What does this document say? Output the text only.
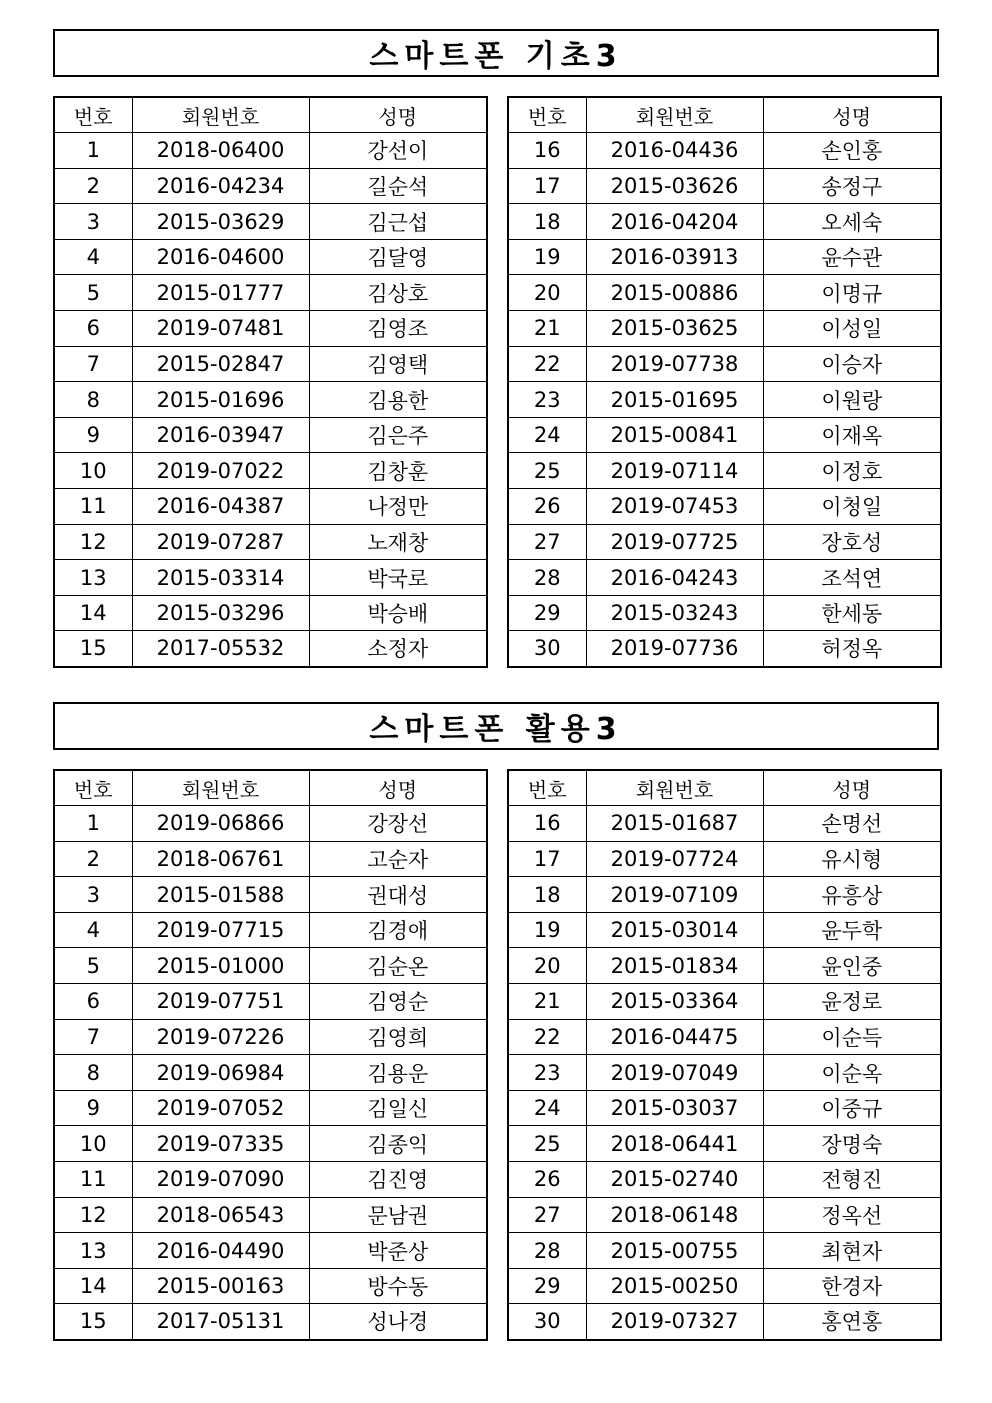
스마트폰 기초3
번호	회원번호	성명
1	2018-06400	강선이
2	2016-04234	길순석
3	2015-03629	김근섭
4	2016-04600	김달영
5	2015-01777	김상호
6	2019-07481	김영조
7	2015-02847	김영택
8	2015-01696	김용한
9	2016-03947	김은주
10	2019-07022	김창훈
11	2016-04387	나정만
12	2019-07287	노재창
13	2015-03314	박국로
14	2015-03296	박승배
15	2017-05532	소정자
번호	회원번호	성명
16	2016-04436	손인홍
17	2015-03626	송정구
18	2016-04204	오세숙
19	2016-03913	윤수관
20	2015-00886	이명규
21	2015-03625	이성일
22	2019-07738	이승자
23	2015-01695	이원랑
24	2015-00841	이재옥
25	2019-07114	이정호
26	2019-07453	이청일
27	2019-07725	장호성
28	2016-04243	조석연
29	2015-03243	한세동
30	2019-07736	허정옥
스마트폰 활용3
번호	회원번호	성명
1	2019-06866	강장선
2	2018-06761	고순자
3	2015-01588	권대성
4	2019-07715	김경애
5	2015-01000	김순온
6	2019-07751	김영순
7	2019-07226	김영희
8	2019-06984	김용운
9	2019-07052	김일신
10	2019-07335	김종익
11	2019-07090	김진영
12	2018-06543	문남권
13	2016-04490	박준상
14	2015-00163	방수동
15	2017-05131	성나경
번호	회원번호	성명
16	2015-01687	손명선
17	2019-07724	유시형
18	2019-07109	유흥상
19	2015-03014	윤두학
20	2015-01834	윤인중
21	2015-03364	윤정로
22	2016-04475	이순득
23	2019-07049	이순옥
24	2015-03037	이중규
25	2018-06441	장명숙
26	2015-02740	전형진
27	2018-06148	정옥선
28	2015-00755	최현자
29	2015-00250	한경자
30	2019-07327	홍연홍
